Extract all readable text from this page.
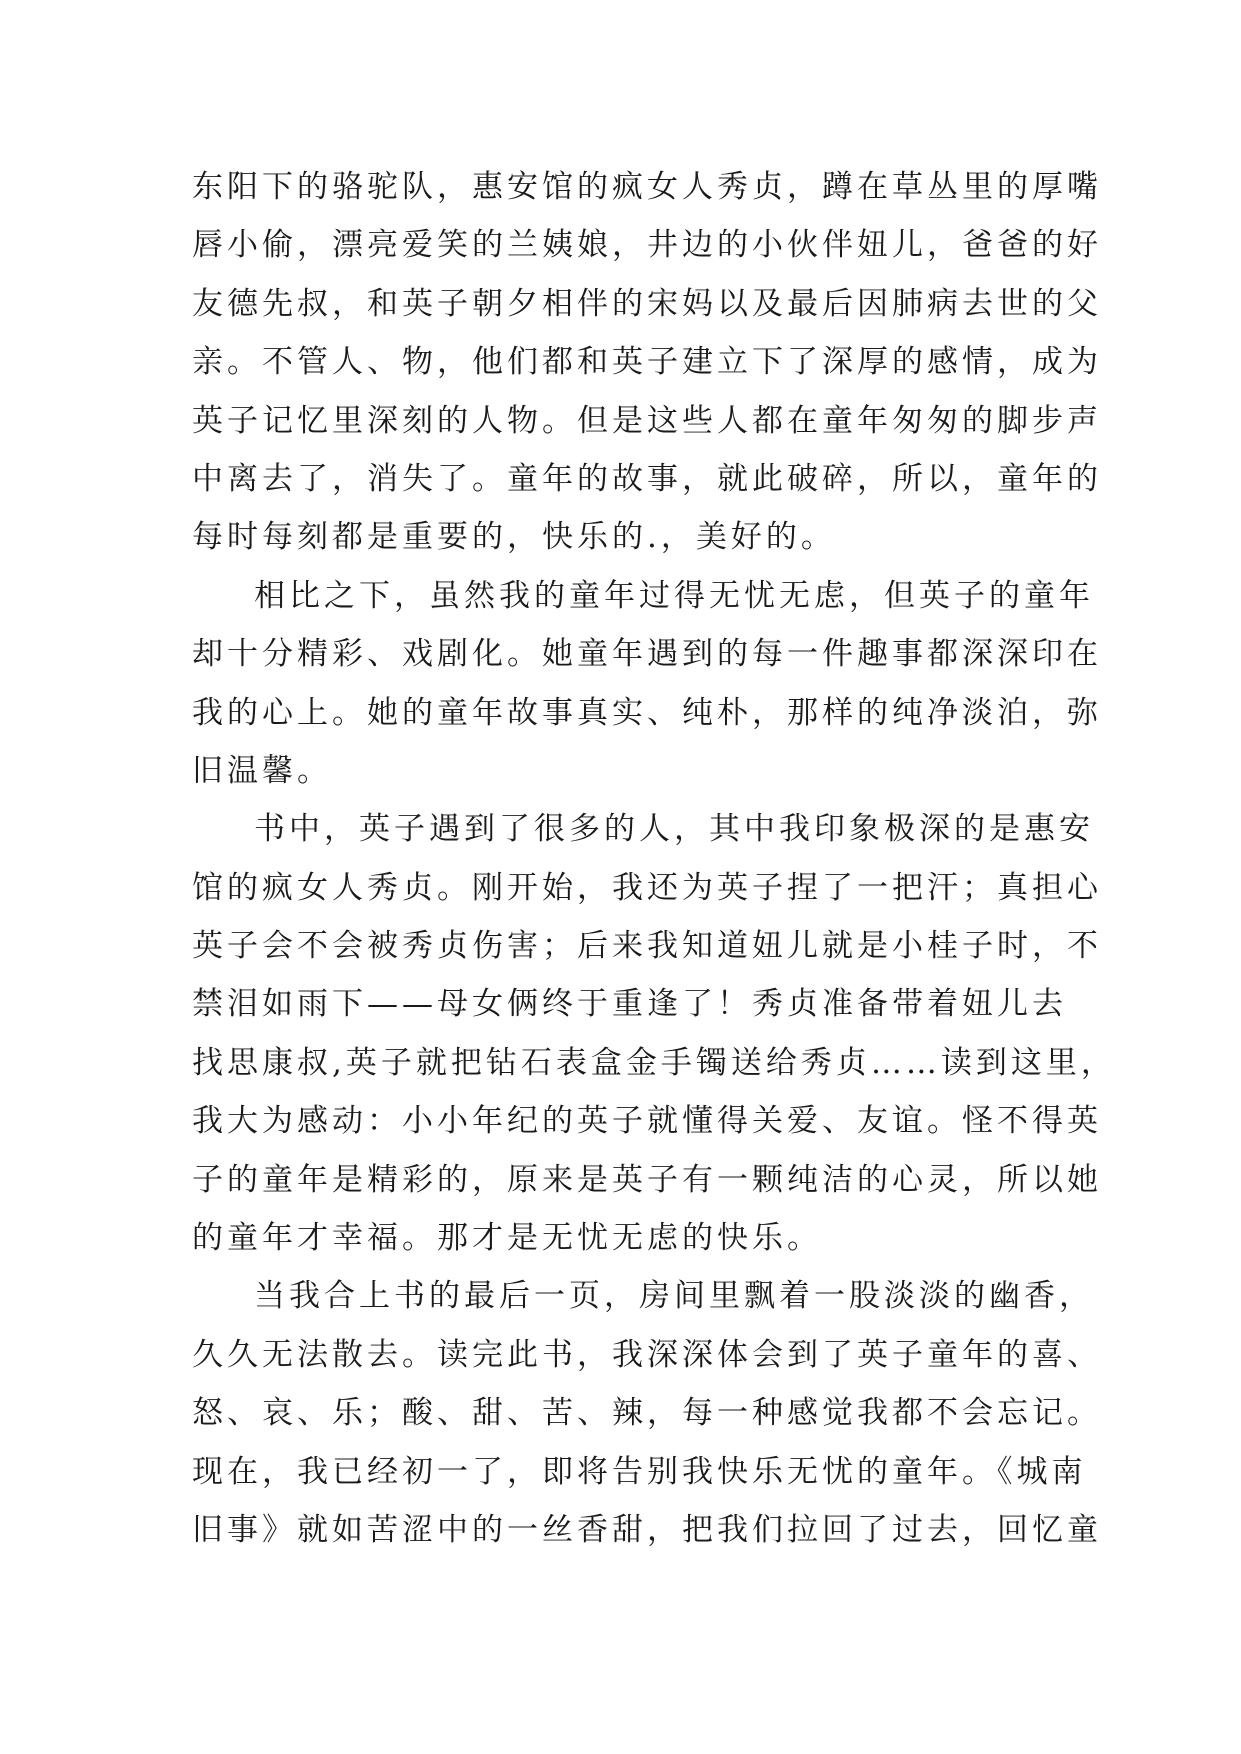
东阳下的骆驼队，惠安馆的疯女人秀贞，蹲在草丛里的厚嘴
唇小偷，漂亮爱笑的兰姨娘，井边的小伙伴妞儿，爸爸的好
友德先叔，和英子朝夕相伴的宋妈以及最后因肺病去世的父
亲。不管人、物，他们都和英子建立下了深厚的感情，成为
英子记忆里深刻的人物。但是这些人都在童年匆匆的脚步声
中离去了，消失了。童年的故事，就此破碎，所以，童年的
每时每刻都是重要的，快乐的.，美好的。
相比之下，虽然我的童年过得无忧无虑，但英子的童年
却十分精彩、戏剧化。她童年遇到的每一件趣事都深深印在
我的心上。她的童年故事真实、纯朴，那样的纯净淡泊，弥
旧温馨。
书中，英子遇到了很多的人，其中我印象极深的是惠安
馆的疯女人秀贞。刚开始，我还为英子捏了一把汗；真担心
英子会不会被秀贞伤害；后来我知道妞儿就是小桂子时，不
禁泪如雨下——母女俩终于重逢了！秀贞准备带着妞儿去
找思康叔,英子就把钻石表盒金手镯送给秀贞……读到这里，
我大为感动：小小年纪的英子就懂得关爱、友谊。怪不得英
子的童年是精彩的，原来是英子有一颗纯洁的心灵，所以她
的童年才幸福。那才是无忧无虑的快乐。
当我合上书的最后一页，房间里飘着一股淡淡的幽香，
久久无法散去。读完此书，我深深体会到了英子童年的喜、
怒、哀、乐；酸、甜、苦、辣，每一种感觉我都不会忘记。
现在，我已经初一了，即将告别我快乐无忧的童年。《城南
旧事》就如苦涩中的一丝香甜，把我们拉回了过去，回忆童
